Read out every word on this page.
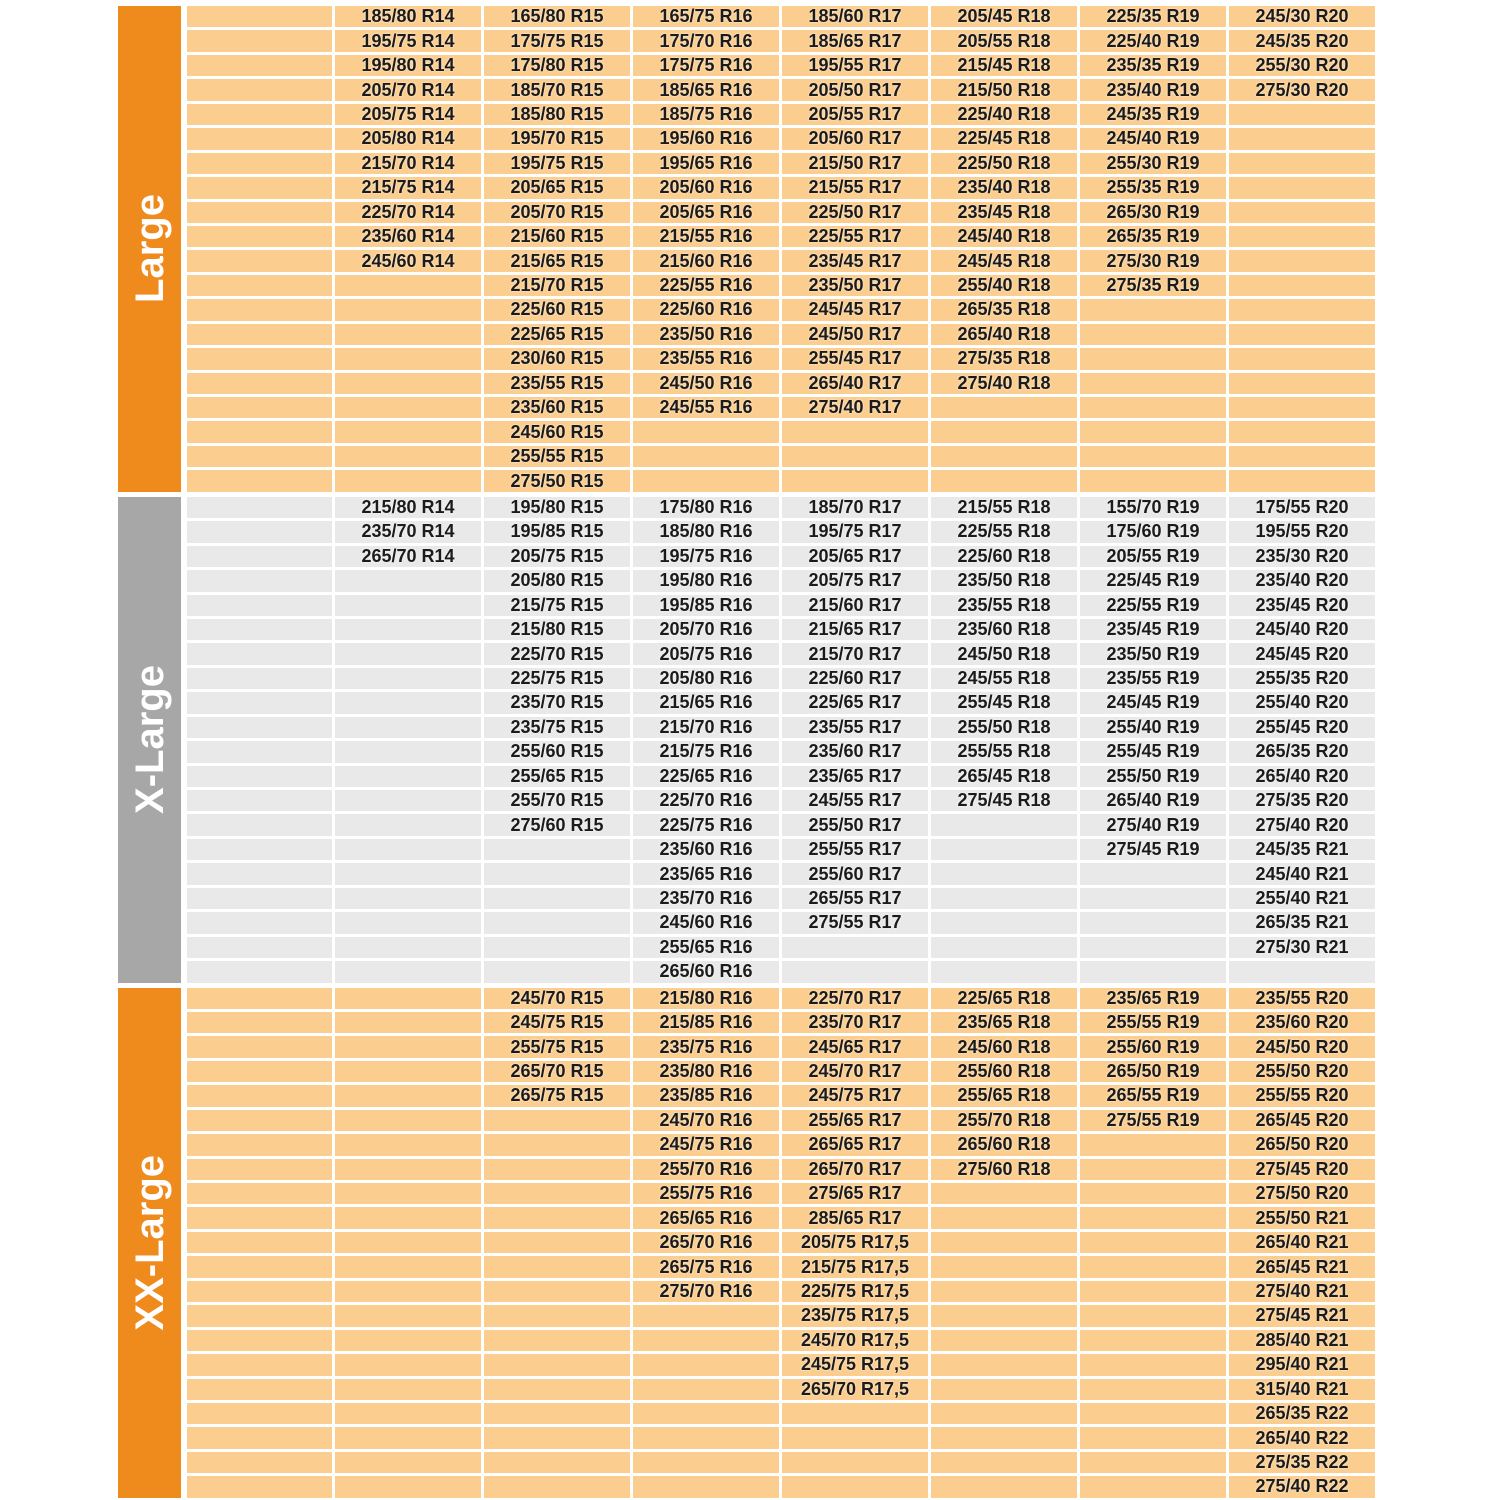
Large
185/80 R14
195/75 R14
195/80 R14
205/70 R14
205/75 R14
205/80 R14
215/70 R14
215/75 R14
225/70 R14
235/60 R14
245/60 R14
165/80 R15
175/75 R15
175/80 R15
185/70 R15
185/80 R15
195/70 R15
195/75 R15
205/65 R15
205/70 R15
215/60 R15
215/65 R15
215/70 R15
225/60 R15
225/65 R15
230/60 R15
235/55 R15
235/60 R15
245/60 R15
255/55 R15
275/50 R15
165/75 R16
175/70 R16
175/75 R16
185/65 R16
185/75 R16
195/60 R16
195/65 R16
205/60 R16
205/65 R16
215/55 R16
215/60 R16
225/55 R16
225/60 R16
235/50 R16
235/55 R16
245/50 R16
245/55 R16
185/60 R17
185/65 R17
195/55 R17
205/50 R17
205/55 R17
205/60 R17
215/50 R17
215/55 R17
225/50 R17
225/55 R17
235/45 R17
235/50 R17
245/45 R17
245/50 R17
255/45 R17
265/40 R17
275/40 R17
205/45 R18
205/55 R18
215/45 R18
215/50 R18
225/40 R18
225/45 R18
225/50 R18
235/40 R18
235/45 R18
245/40 R18
245/45 R18
255/40 R18
265/35 R18
265/40 R18
275/35 R18
275/40 R18
225/35 R19
225/40 R19
235/35 R19
235/40 R19
245/35 R19
245/40 R19
255/30 R19
255/35 R19
265/30 R19
265/35 R19
275/30 R19
275/35 R19
245/30 R20
245/35 R20
255/30 R20
275/30 R20
X-Large
215/80 R14
235/70 R14
265/70 R14
195/80 R15
195/85 R15
205/75 R15
205/80 R15
215/75 R15
215/80 R15
225/70 R15
225/75 R15
235/70 R15
235/75 R15
255/60 R15
255/65 R15
255/70 R15
275/60 R15
175/80 R16
185/80 R16
195/75 R16
195/80 R16
195/85 R16
205/70 R16
205/75 R16
205/80 R16
215/65 R16
215/70 R16
215/75 R16
225/65 R16
225/70 R16
225/75 R16
235/60 R16
235/65 R16
235/70 R16
245/60 R16
255/65 R16
265/60 R16
185/70 R17
195/75 R17
205/65 R17
205/75 R17
215/60 R17
215/65 R17
215/70 R17
225/60 R17
225/65 R17
235/55 R17
235/60 R17
235/65 R17
245/55 R17
255/50 R17
255/55 R17
255/60 R17
265/55 R17
275/55 R17
215/55 R18
225/55 R18
225/60 R18
235/50 R18
235/55 R18
235/60 R18
245/50 R18
245/55 R18
255/45 R18
255/50 R18
255/55 R18
265/45 R18
275/45 R18
155/70 R19
175/60 R19
205/55 R19
225/45 R19
225/55 R19
235/45 R19
235/50 R19
235/55 R19
245/45 R19
255/40 R19
255/45 R19
255/50 R19
265/40 R19
275/40 R19
275/45 R19
175/55 R20
195/55 R20
235/30 R20
235/40 R20
235/45 R20
245/40 R20
245/45 R20
255/35 R20
255/40 R20
255/45 R20
265/35 R20
265/40 R20
275/35 R20
275/40 R20
245/35 R21
245/40 R21
255/40 R21
265/35 R21
275/30 R21
XX-Large
245/70 R15
245/75 R15
255/75 R15
265/70 R15
265/75 R15
215/80 R16
215/85 R16
235/75 R16
235/80 R16
235/85 R16
245/70 R16
245/75 R16
255/70 R16
255/75 R16
265/65 R16
265/70 R16
265/75 R16
275/70 R16
225/70 R17
235/70 R17
245/65 R17
245/70 R17
245/75 R17
255/65 R17
265/65 R17
265/70 R17
275/65 R17
285/65 R17
205/75 R17,5
215/75 R17,5
225/75 R17,5
235/75 R17,5
245/70 R17,5
245/75 R17,5
265/70 R17,5
225/65 R18
235/65 R18
245/60 R18
255/60 R18
255/65 R18
255/70 R18
265/60 R18
275/60 R18
235/65 R19
255/55 R19
255/60 R19
265/50 R19
265/55 R19
275/55 R19
235/55 R20
235/60 R20
245/50 R20
255/50 R20
255/55 R20
265/45 R20
265/50 R20
275/45 R20
275/50 R20
255/50 R21
265/40 R21
265/45 R21
275/40 R21
275/45 R21
285/40 R21
295/40 R21
315/40 R21
265/35 R22
265/40 R22
275/35 R22
275/40 R22
